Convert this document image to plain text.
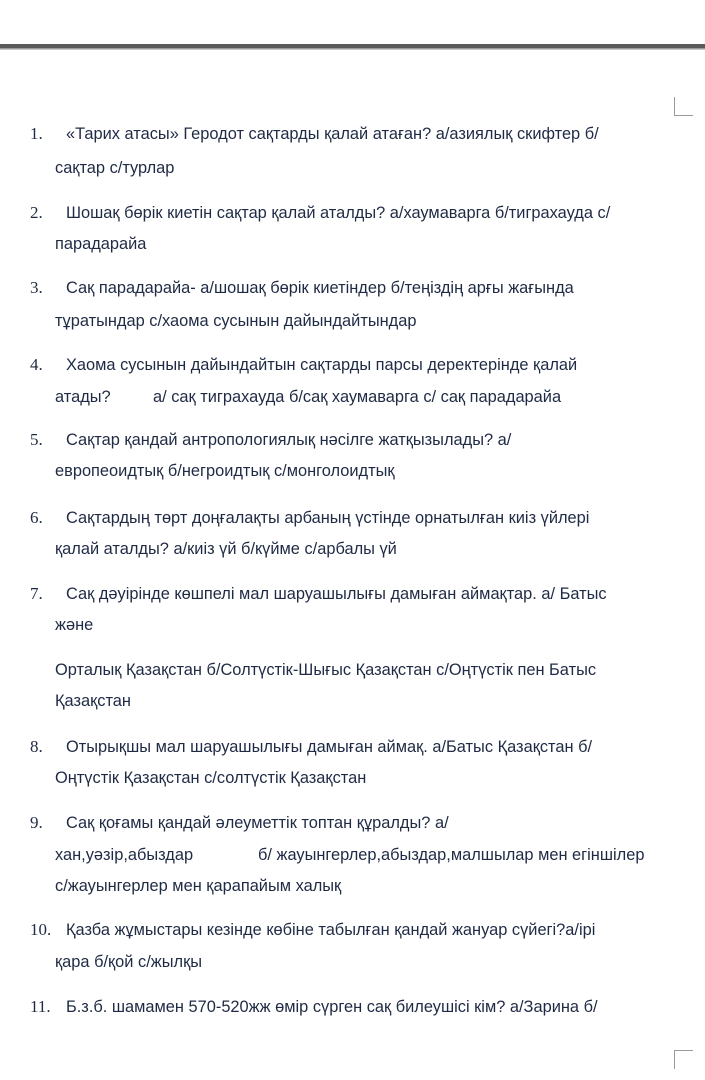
1. «Тарих атасы» Геродот сақтарды қалай атаған? а/азиялық скифтер б/
сақтар с/турлар
2. Шошақ бөрік киетін сақтар қалай аталды? а/хаумаварга б/тиграхауда с/
парадарайа
3. Сақ парадарайа- а/шошақ бөрік киетіндер б/теңіздің арғы жағында
тұратындар с/хаома сусынын дайындайтындар
4. Хаома сусынын дайындайтын сақтарды парсы деректерінде қалай
атады?	а/ сақ тиграхауда б/сақ хаумаварга с/ сақ парадарайа
5. Сақтар қандай антропологиялық нәсілге жатқызылады? а/
европеоидтық б/негроидтық с/монголоидтық
6. Сақтардың төрт доңғалақты арбаның үстінде орнатылған киіз үйлері
қалай аталды? а/киіз үй б/күйме с/арбалы үй
7. Сақ дәуірінде көшпелі мал шаруашылығы дамыған аймақтар. а/ Батыс
және
Орталық Қазақстан б/Солтүстік-Шығыс Қазақстан с/Оңтүстік пен Батыс
Қазақстан
8. Отырықшы мал шаруашылығы дамыған аймақ. а/Батыс Қазақстан б/
Оңтүстік Қазақстан с/солтүстік Қазақстан
9. Сақ қоғамы қандай әлеуметтік топтан құралды? а/
хан,уәзір,абыздар	б/ жауынгерлер,абыздар,малшылар мен егіншілер
с/жауынгерлер мен қарапайым халық
10. Қазба жұмыстары кезінде көбіне табылған қандай жануар сүйегі?а/ірі
қара б/қой с/жылқы
11. Б.з.б. шамамен 570-520жж өмір сүрген сақ билеушісі кім? а/Зарина б/
